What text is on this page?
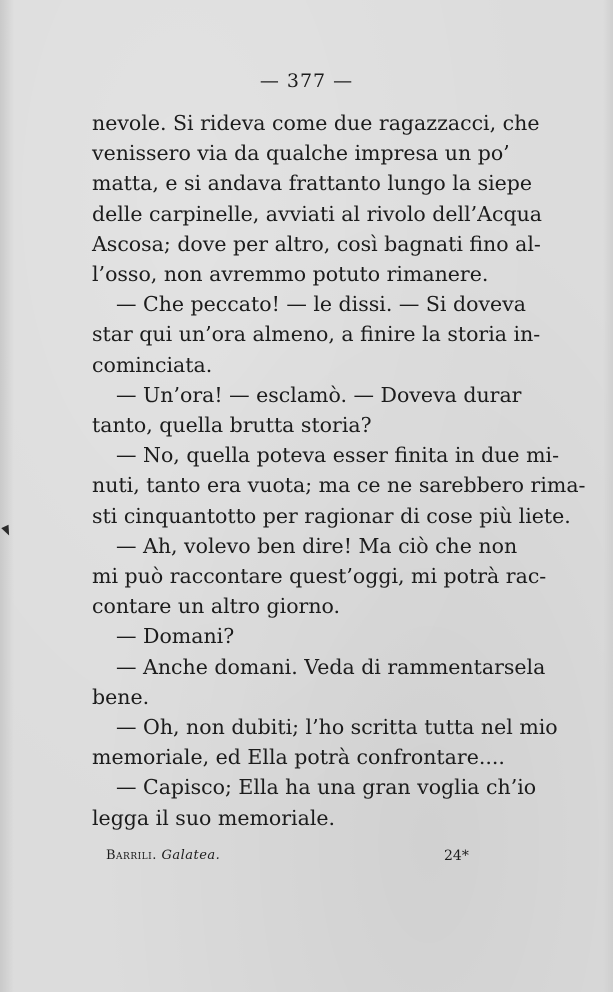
— 377 —
nevole. Si rideva come due ragazzacci, che
venissero via da qualche impresa un po’
matta, e si andava frattanto lungo la siepe
delle carpinelle, avviati al rivolo dell’Acqua
Ascosa; dove per altro, così bagnati fino al-
l’osso, non avremmo potuto rimanere.
— Che peccato! — le dissi. — Si doveva
star qui un’ora almeno, a finire la storia in-
cominciata.
— Un’ora! — esclamò. — Doveva durar
tanto, quella brutta storia?
— No, quella poteva esser finita in due mi-
nuti, tanto era vuota; ma ce ne sarebbero rima-
sti cinquantotto per ragionar di cose più liete.
— Ah, volevo ben dire! Ma ciò che non
mi può raccontare quest’oggi, mi potrà rac-
contare un altro giorno.
— Domani?
— Anche domani. Veda di rammentarsela
bene.
— Oh, non dubiti; l’ho scritta tutta nel mio
memoriale, ed Ella potrà confrontare....
— Capisco; Ella ha una gran voglia ch’io
legga il suo memoriale.
Barrili. Galatea.	24*
